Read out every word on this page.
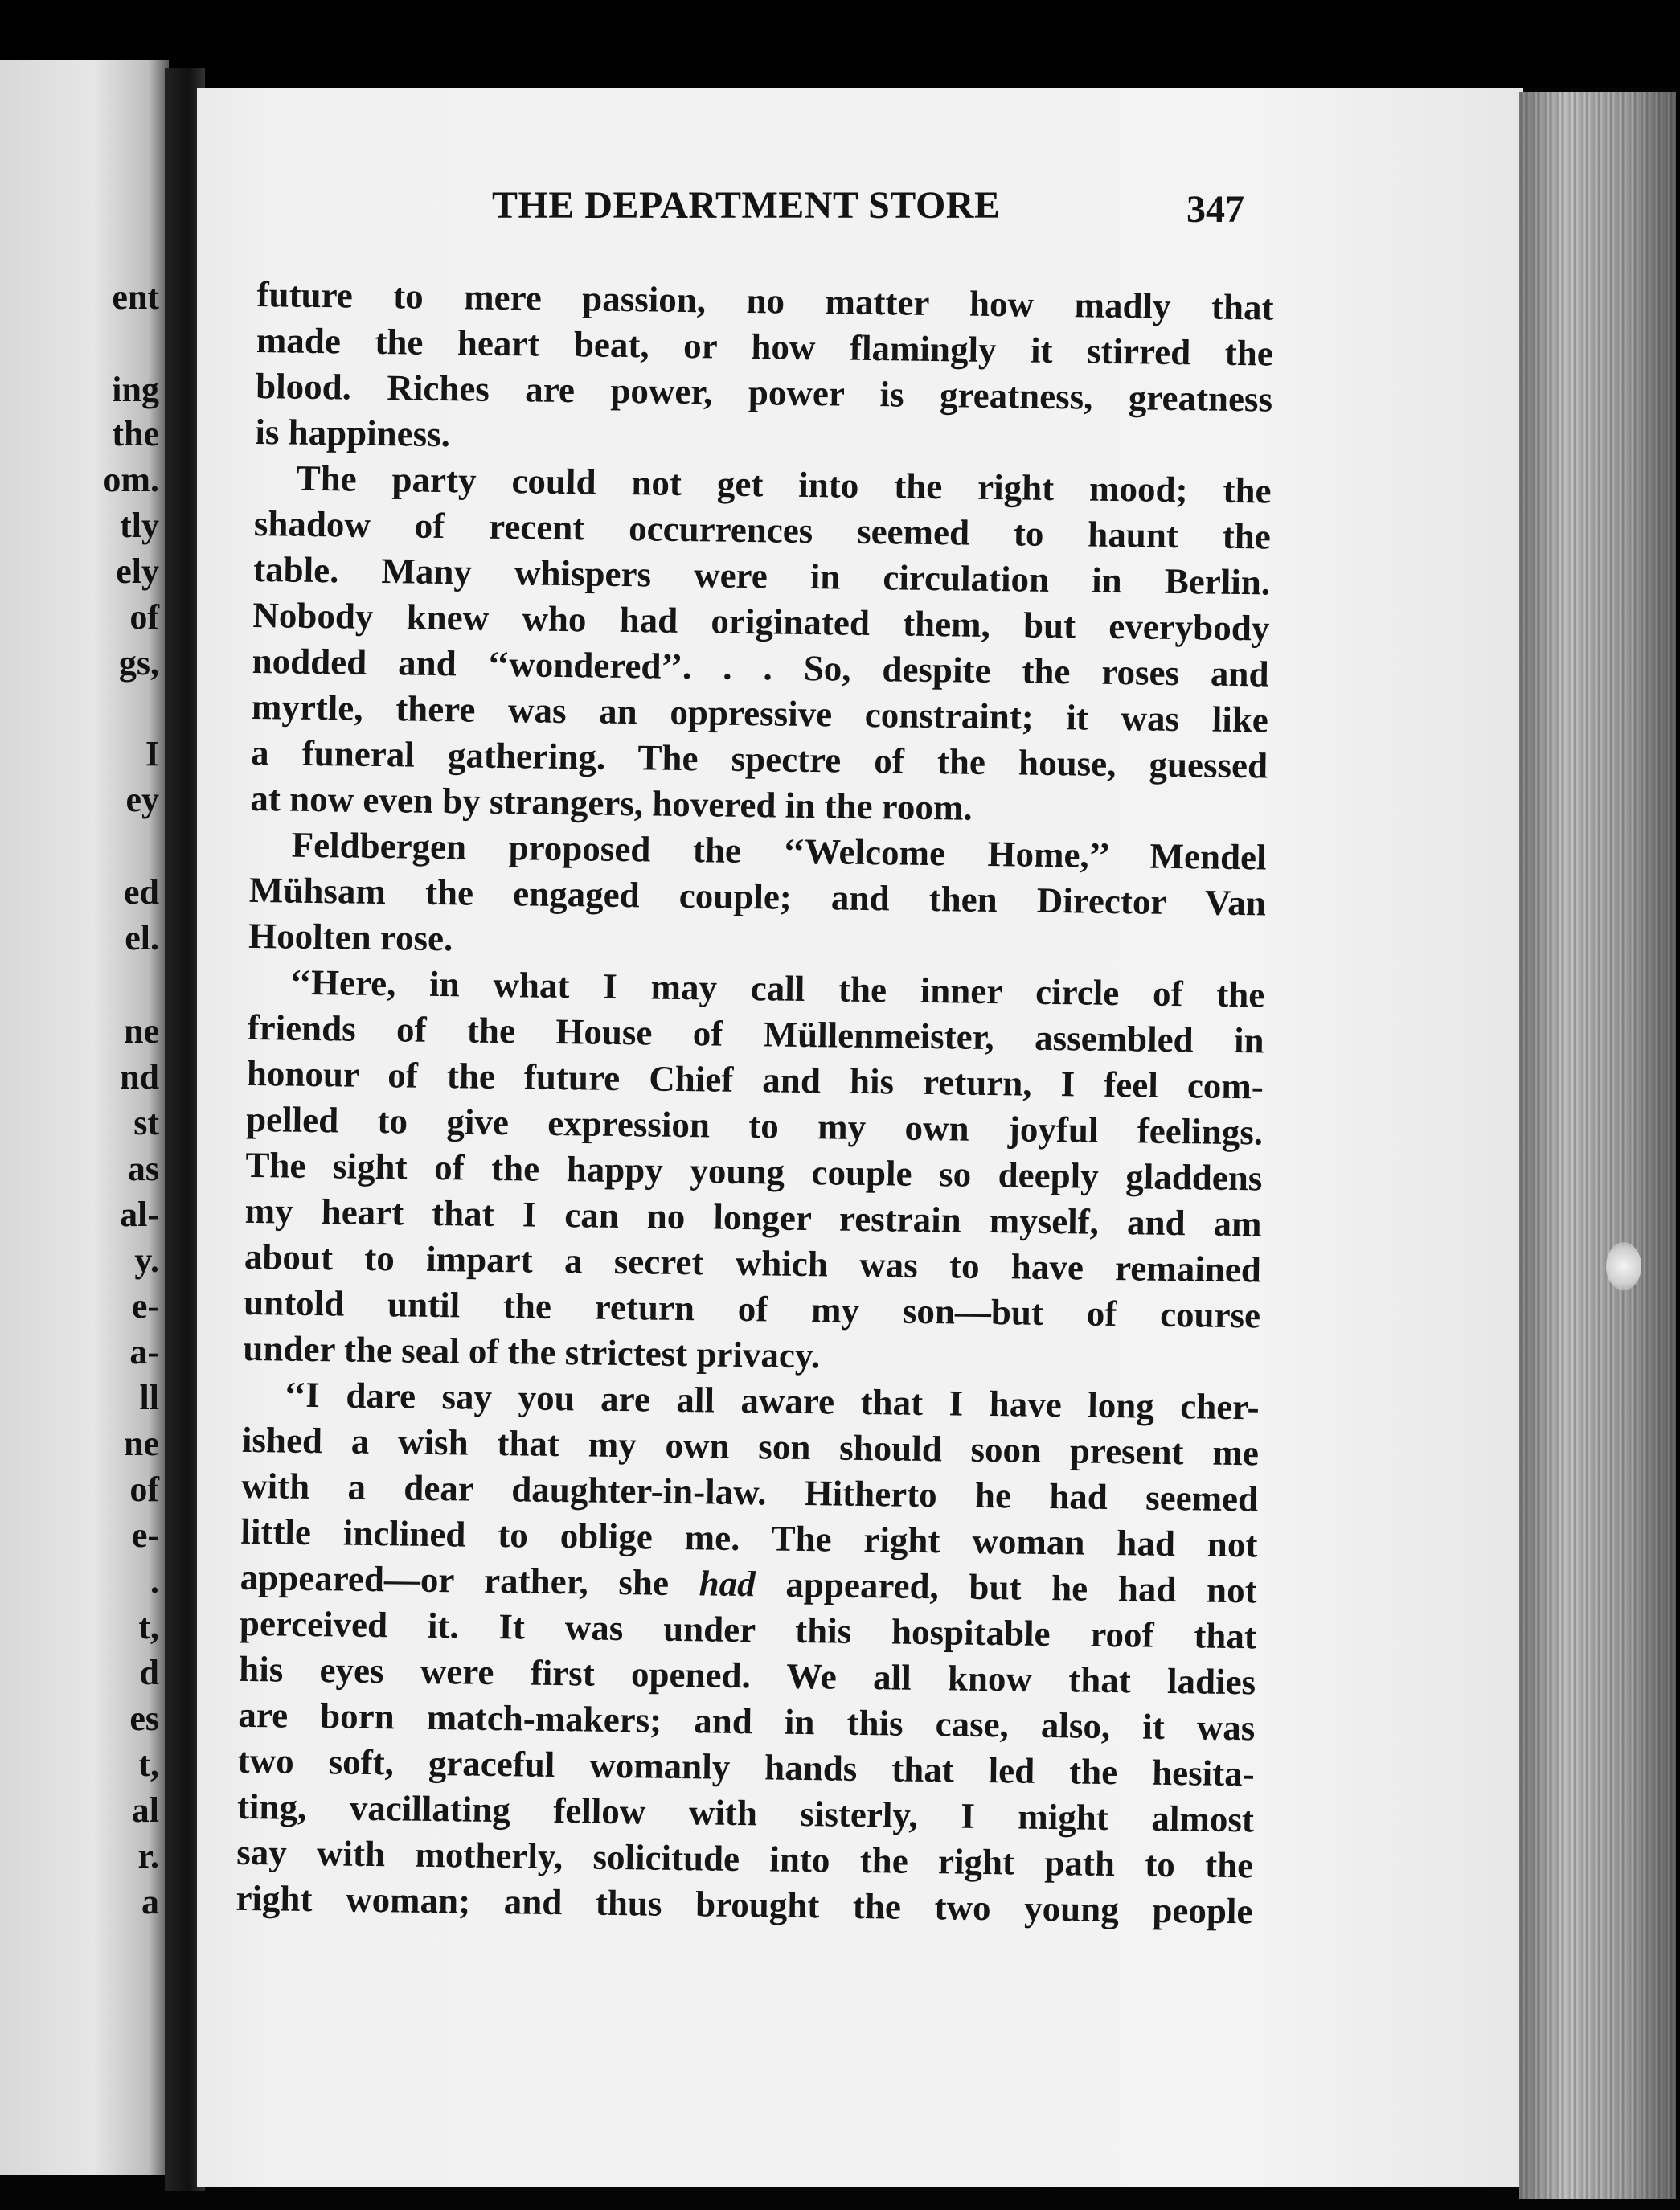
ent
ing
the
om.
tly
ely
of
gs,
I
ey
ed
el.
ne
nd
st
as
al-
y.
e-
a-
ll
ne
of
e-
.
t,
d
es
t,
al
r.
a
THE DEPARTMENT STORE	347
future to mere passion, no matter how madly that
made the heart beat, or how flamingly it stirred the
blood. Riches are power, power is greatness, greatness
is happiness.
The party could not get into the right mood; the
shadow of recent occurrences seemed to haunt the
table. Many whispers were in circulation in Berlin.
Nobody knew who had originated them, but everybody
nodded and ‘‘wondered’’. . . So, despite the roses and
myrtle, there was an oppressive constraint; it was like
a funeral gathering. The spectre of the house, guessed
at now even by strangers, hovered in the room.
Feldbergen proposed the ‘‘Welcome Home,’’ Mendel
Mühsam the engaged couple; and then Director Van
Hoolten rose.
‘‘Here, in what I may call the inner circle of the
friends of the House of Müllenmeister, assembled in
honour of the future Chief and his return, I feel com-
pelled to give expression to my own joyful feelings.
The sight of the happy young couple so deeply gladdens
my heart that I can no longer restrain myself, and am
about to impart a secret which was to have remained
untold until the return of my son—but of course
under the seal of the strictest privacy.
‘‘I dare say you are all aware that I have long cher-
ished a wish that my own son should soon present me
with a dear daughter-in-law. Hitherto he had seemed
little inclined to oblige me. The right woman had not
appeared—or rather, she had appeared, but he had not
perceived it. It was under this hospitable roof that
his eyes were first opened. We all know that ladies
are born match-makers; and in this case, also, it was
two soft, graceful womanly hands that led the hesita-
ting, vacillating fellow with sisterly, I might almost
say with motherly, solicitude into the right path to the
right woman; and thus brought the two young people
